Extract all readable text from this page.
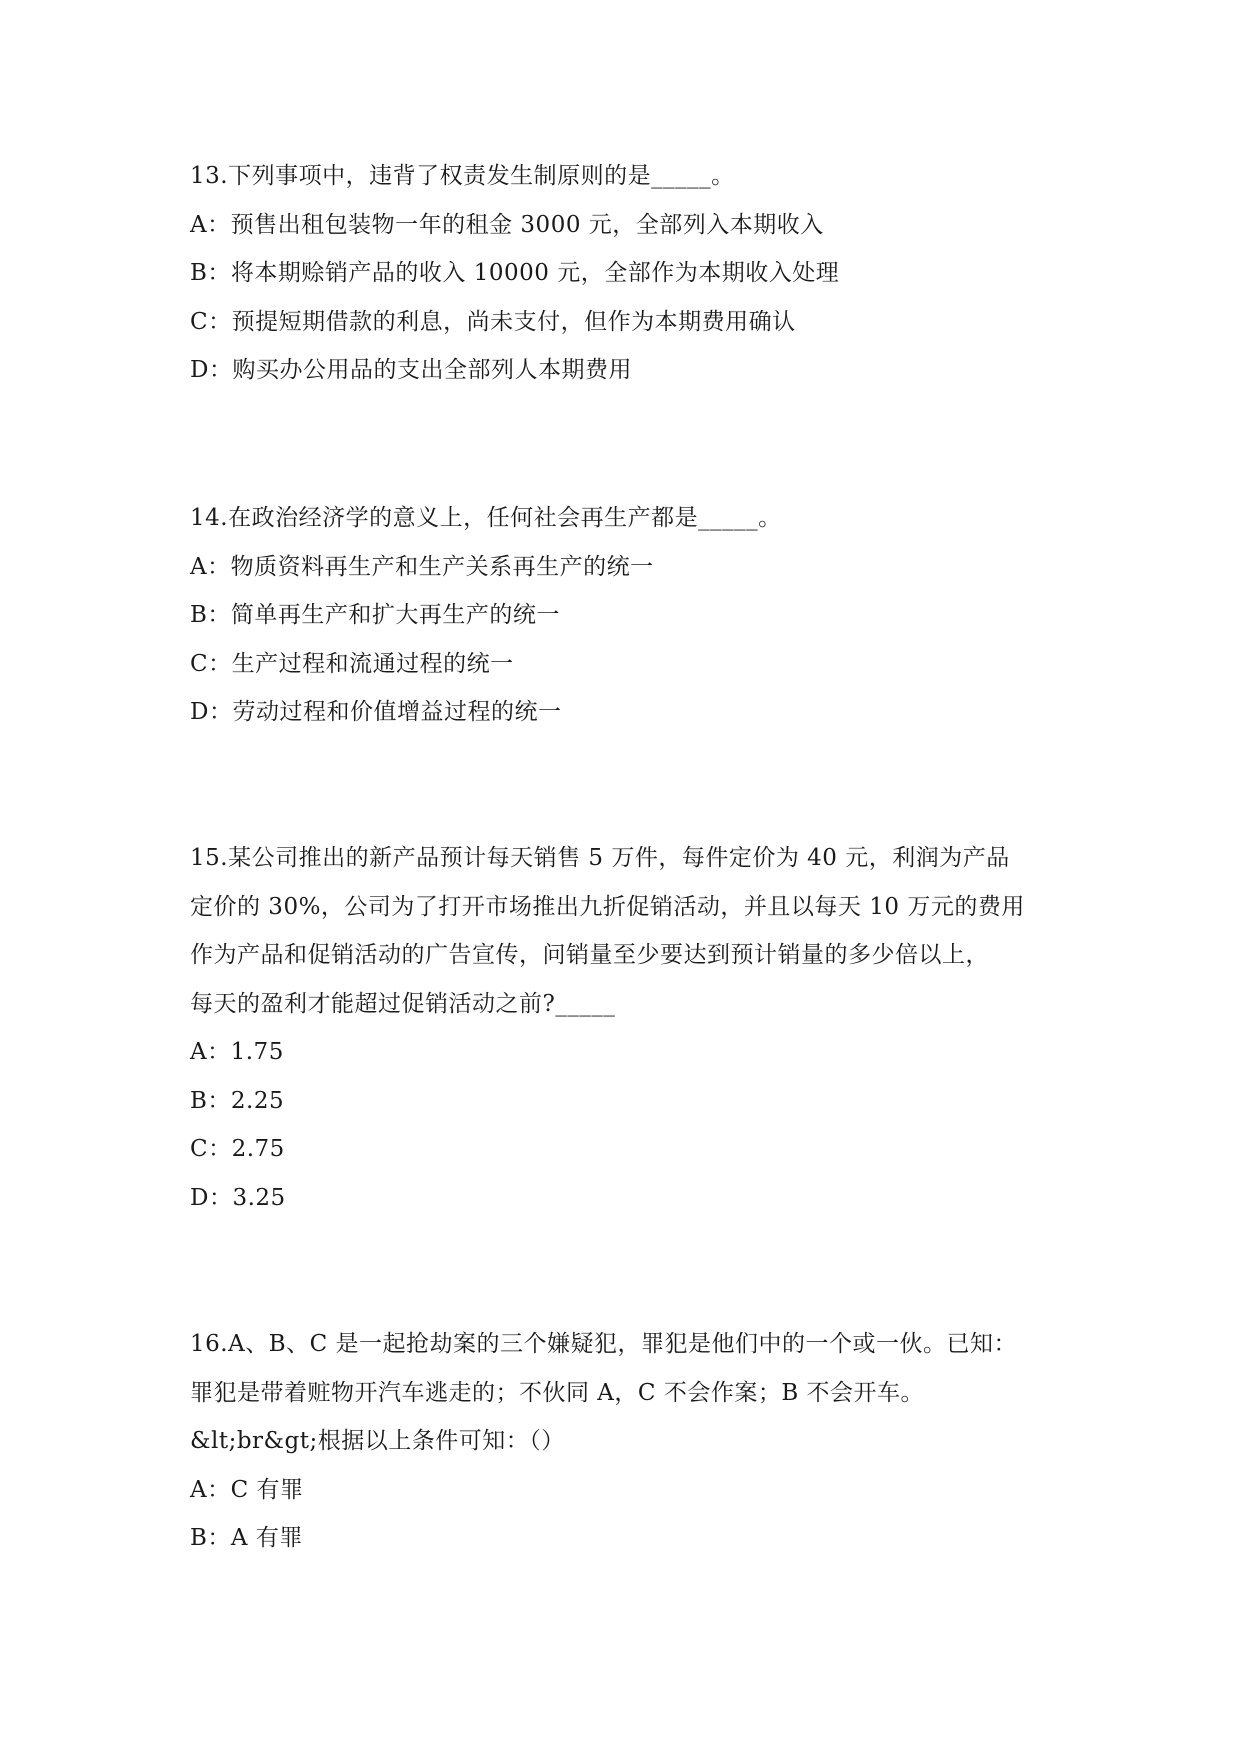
13.下列事项中，违背了权责发生制原则的是_____。

A：预售出租包装物一年的租金 3000 元，全部列入本期收入

B：将本期赊销产品的收入 10000 元，全部作为本期收入处理

C：预提短期借款的利息，尚未支付，但作为本期费用确认

D：购买办公用品的支出全部列人本期费用

14.在政治经济学的意义上，任何社会再生产都是_____。

A：物质资料再生产和生产关系再生产的统一

B：简单再生产和扩大再生产的统一

C：生产过程和流通过程的统一

D：劳动过程和价值增益过程的统一

15.某公司推出的新产品预计每天销售 5 万件，每件定价为 40 元，利润为产品

定价的 30%，公司为了打开市场推出九折促销活动，并且以每天 10 万元的费用

作为产品和促销活动的广告宣传，问销量至少要达到预计销量的多少倍以上，

每天的盈利才能超过促销活动之前?_____

A：1.75

B：2.25

C：2.75

D：3.25

16.A、B、C 是一起抢劫案的三个嫌疑犯，罪犯是他们中的一个或一伙。已知：

罪犯是带着赃物开汽车逃走的；不伙同 A，C 不会作案；B 不会开车。

&lt;br&gt;根据以上条件可知：（）

A：C 有罪

B：A 有罪
